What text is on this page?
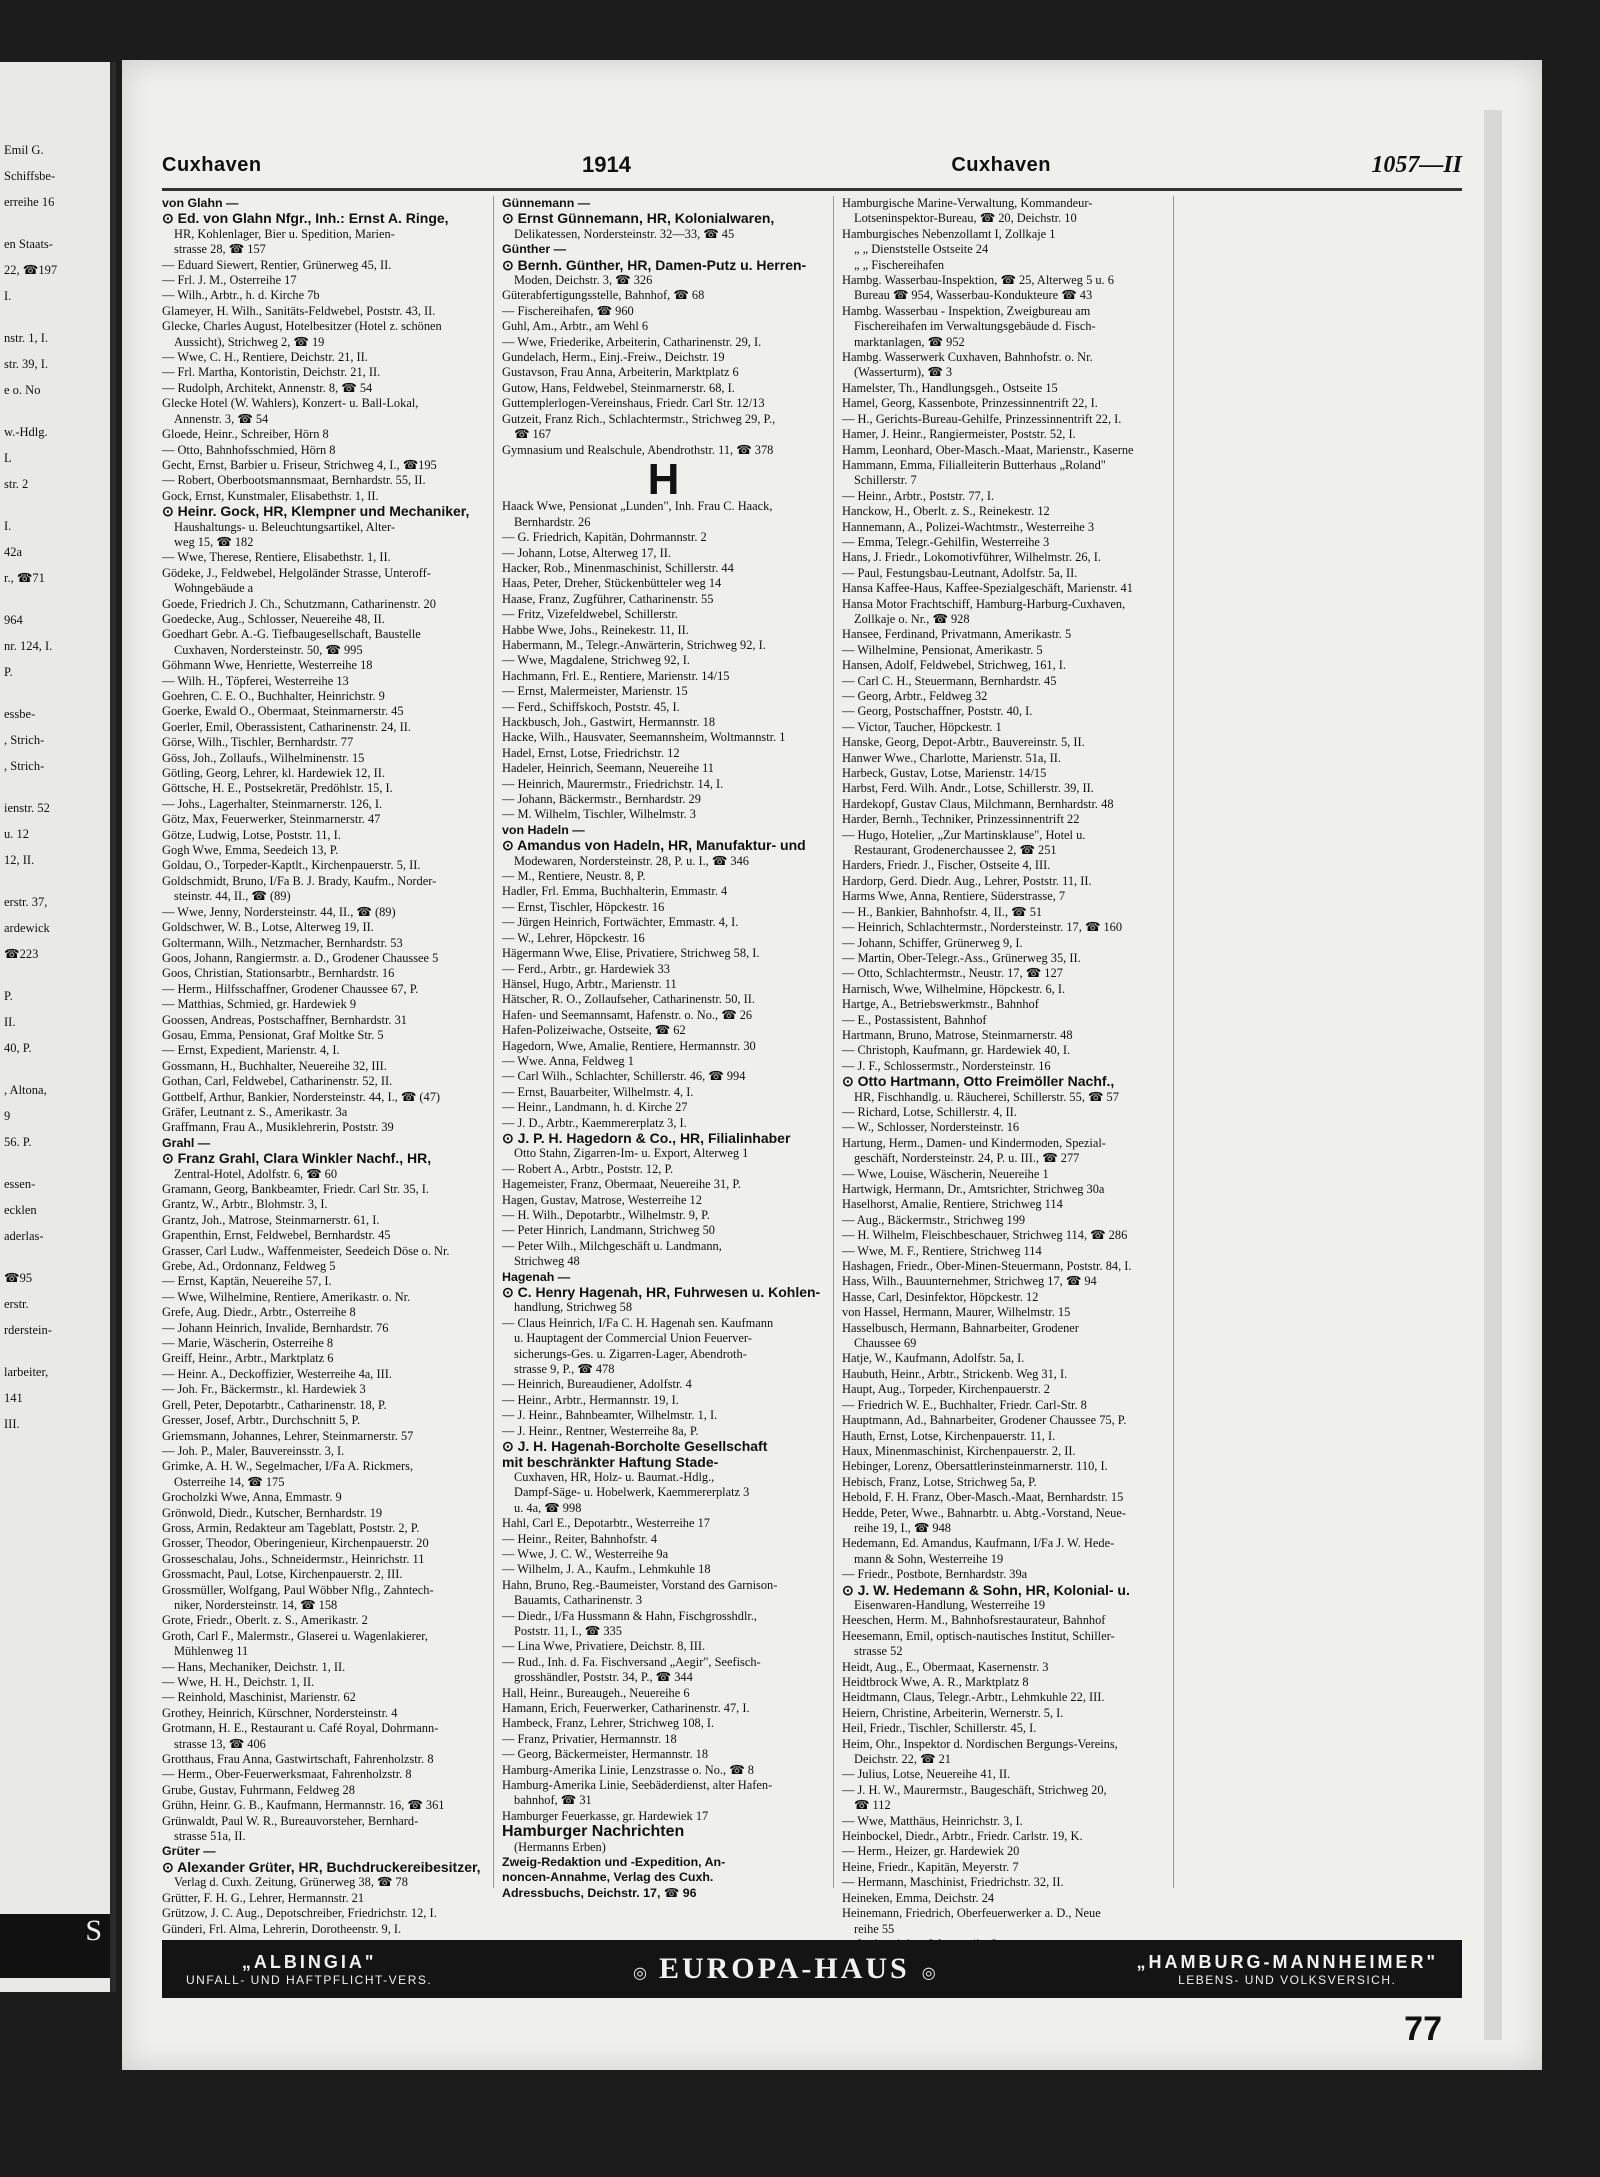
Emil G.
Schiffsbe-
erreihe 16
en Staats-
22, ☎197
I.
nstr. 1, I.
str. 39, I.
e o. No
w.-Hdlg.
L
str. 2
I.
42a
r., ☎71
964
nr. 124, I.
P.
essbe-
, Strich-
, Strich-
ienstr. 52
u. 12
12, II.
erstr. 37,
ardewick
☎223
P.
II.
40, P.
, Altona,
9
56. P.
essen-
ecklen
aderlas-
☎95
erstr.
rderstein-
larbeiter,
141
III.
S
Cuxhaven	1914	Cuxhaven	1057—II
von Glahn —
⊙ Ed. von Glahn Nfgr., Inh.: Ernst A. Ringe,
HR, Kohlenlager, Bier u. Spedition, Marien-
strasse 28, ☎ 157
— Eduard Siewert, Rentier, Grünerweg 45, II.
— Frl. J. M., Osterreihe 17
— Wilh., Arbtr., h. d. Kirche 7b
Glameyer, H. Wilh., Sanitäts-Feldwebel, Poststr. 43, II.
Glecke, Charles August, Hotelbesitzer (Hotel z. schönen
Aussicht), Strichweg 2, ☎ 19
— Wwe, C. H., Rentiere, Deichstr. 21, II.
— Frl. Martha, Kontoristin, Deichstr. 21, II.
— Rudolph, Architekt, Annenstr. 8, ☎ 54
Glecke Hotel (W. Wahlers), Konzert- u. Ball-Lokal,
Annenstr. 3, ☎ 54
Gloede, Heinr., Schreiber, Hörn 8
— Otto, Bahnhofsschmied, Hörn 8
Gecht, Ernst, Barbier u. Friseur, Strichweg 4, I., ☎195
— Robert, Oberbootsmannsmaat, Bernhardstr. 55, II.
Gock, Ernst, Kunstmaler, Elisabethstr. 1, II.
⊙ Heinr. Gock, HR, Klempner und Mechaniker,
Haushaltungs- u. Beleuchtungsartikel, Alter-
weg 15, ☎ 182
— Wwe, Therese, Rentiere, Elisabethstr. 1, II.
Gödeke, J., Feldwebel, Helgoländer Strasse, Unteroff-
Wohngebäude a
Goede, Friedrich J. Ch., Schutzmann, Catharinenstr. 20
Goedecke, Aug., Schlosser, Neuereihe 48, II.
Goedhart Gebr. A.-G. Tiefbaugesellschaft, Baustelle
Cuxhaven, Nordersteinstr. 50, ☎ 995
Göhmann Wwe, Henriette, Westerreihe 18
— Wilh. H., Töpferei, Westerreihe 13
Goehren, C. E. O., Buchhalter, Heinrichstr. 9
Goerke, Ewald O., Obermaat, Steinmarnerstr. 45
Goerler, Emil, Oberassistent, Catharinenstr. 24, II.
Görse, Wilh., Tischler, Bernhardstr. 77
Göss, Joh., Zollaufs., Wilhelminenstr. 15
Götling, Georg, Lehrer, kl. Hardewiek 12, II.
Göttsche, H. E., Postsekretär, Predöhlstr. 15, I.
— Johs., Lagerhalter, Steinmarnerstr. 126, I.
Götz, Max, Feuerwerker, Steinmarnerstr. 47
Götze, Ludwig, Lotse, Poststr. 11, I.
Gogh Wwe, Emma, Seedeich 13, P.
Goldau, O., Torpeder-Kaptlt., Kirchenpauerstr. 5, II.
Goldschmidt, Bruno, I/Fa B. J. Brady, Kaufm., Norder-
steinstr. 44, II., ☎ (89)
— Wwe, Jenny, Nordersteinstr. 44, II., ☎ (89)
Goldschwer, W. B., Lotse, Alterweg 19, II.
Goltermann, Wilh., Netzmacher, Bernhardstr. 53
Goos, Johann, Rangiermstr. a. D., Grodener Chaussee 5
Goos, Christian, Stationsarbtr., Bernhardstr. 16
— Herm., Hilfsschaffner, Grodener Chaussee 67, P.
— Matthias, Schmied, gr. Hardewiek 9
Goossen, Andreas, Postschaffner, Bernhardstr. 31
Gosau, Emma, Pensionat, Graf Moltke Str. 5
— Ernst, Expedient, Marienstr. 4, I.
Gossmann, H., Buchhalter, Neuereihe 32, III.
Gothan, Carl, Feldwebel, Catharinenstr. 52, II.
Gottbelf, Arthur, Bankier, Nordersteinstr. 44, I., ☎ (47)
Gräfer, Leutnant z. S., Amerikastr. 3a
Graffmann, Frau A., Musiklehrerin, Poststr. 39
Grahl —
⊙ Franz Grahl, Clara Winkler Nachf., HR,
Zentral-Hotel, Adolfstr. 6, ☎ 60
Gramann, Georg, Bankbeamter, Friedr. Carl Str. 35, I.
Grantz, W., Arbtr., Blohmstr. 3, I.
Grantz, Joh., Matrose, Steinmarnerstr. 61, I.
Grapenthin, Ernst, Feldwebel, Bernhardstr. 45
Grasser, Carl Ludw., Waffenmeister, Seedeich Döse o. Nr.
Grebe, Ad., Ordonnanz, Feldweg 5
— Ernst, Kaptän, Neuereihe 57, I.
— Wwe, Wilhelmine, Rentiere, Amerikastr. o. Nr.
Grefe, Aug. Diedr., Arbtr., Osterreihe 8
— Johann Heinrich, Invalide, Bernhardstr. 76
— Marie, Wäscherin, Osterreihe 8
Greiff, Heinr., Arbtr., Marktplatz 6
— Heinr. A., Deckoffizier, Westerreihe 4a, III.
— Joh. Fr., Bäckermstr., kl. Hardewiek 3
Grell, Peter, Depotarbtr., Catharinenstr. 18, P.
Gresser, Josef, Arbtr., Durchschnitt 5, P.
Griemsmann, Johannes, Lehrer, Steinmarnerstr. 57
— Joh. P., Maler, Bauvereinsstr. 3, I.
Grimke, A. H. W., Segelmacher, I/Fa A. Rickmers,
Osterreihe 14, ☎ 175
Grocholzki Wwe, Anna, Emmastr. 9
Grönwold, Diedr., Kutscher, Bernhardstr. 19
Gross, Armin, Redakteur am Tageblatt, Poststr. 2, P.
Grosser, Theodor, Oberingenieur, Kirchenpauerstr. 20
Grosseschalau, Johs., Schneidermstr., Heinrichstr. 11
Grossmacht, Paul, Lotse, Kirchenpauerstr. 2, III.
Grossmüller, Wolfgang, Paul Wöbber Nflg., Zahntech-
niker, Nordersteinstr. 14, ☎ 158
Grote, Friedr., Oberlt. z. S., Amerikastr. 2
Groth, Carl F., Malermstr., Glaserei u. Wagenlakierer,
Mühlenweg 11
— Hans, Mechaniker, Deichstr. 1, II.
— Wwe, H. H., Deichstr. 1, II.
— Reinhold, Maschinist, Marienstr. 62
Grothey, Heinrich, Kürschner, Nordersteinstr. 4
Grotmann, H. E., Restaurant u. Café Royal, Dohrmann-
strasse 13, ☎ 406
Grotthaus, Frau Anna, Gastwirtschaft, Fahrenholzstr. 8
— Herm., Ober-Feuerwerksmaat, Fahrenholzstr. 8
Grube, Gustav, Fuhrmann, Feldweg 28
Grühn, Heinr. G. B., Kaufmann, Hermannstr. 16, ☎ 361
Grünwaldt, Paul W. R., Bureauvorsteher, Bernhard-
strasse 51a, II.
Grüter —
⊙ Alexander Grüter, HR, Buchdruckereibesitzer,
Verlag d. Cuxh. Zeitung, Grünerweg 38, ☎ 78
Grütter, F. H. G., Lehrer, Hermannstr. 21
Grützow, J. C. Aug., Depotschreiber, Friedrichstr. 12, I.
Günderi, Frl. Alma, Lehrerin, Dorotheenstr. 9, I.
Günnemann —
⊙ Ernst Günnemann, HR, Kolonialwaren,
Delikatessen, Nordersteinstr. 32—33, ☎ 45
Günther —
⊙ Bernh. Günther, HR, Damen-Putz u. Herren-
Moden, Deichstr. 3, ☎ 326
Güterabfertigungsstelle, Bahnhof, ☎ 68
— Fischereihafen, ☎ 960
Guhl, Am., Arbtr., am Wehl 6
— Wwe, Friederike, Arbeiterin, Catharinenstr. 29, I.
Gundelach, Herm., Einj.-Freiw., Deichstr. 19
Gustavson, Frau Anna, Arbeiterin, Marktplatz 6
Gutow, Hans, Feldwebel, Steinmarnerstr. 68, I.
Guttemplerlogen-Vereinshaus, Friedr. Carl Str. 12/13
Gutzeit, Franz Rich., Schlachtermstr., Strichweg 29, P.,
☎ 167
Gymnasium und Realschule, Abendrothstr. 11, ☎ 378
H
Haack Wwe, Pensionat „Lunden", Inh. Frau C. Haack,
Bernhardstr. 26
— G. Friedrich, Kapitän, Dohrmannstr. 2
— Johann, Lotse, Alterweg 17, II.
Hacker, Rob., Minenmaschinist, Schillerstr. 44
Haas, Peter, Dreher, Stückenbütteler weg 14
Haase, Franz, Zugführer, Catharinenstr. 55
— Fritz, Vizefeldwebel, Schillerstr.
Habbe Wwe, Johs., Reinekestr. 11, II.
Habermann, M., Telegr.-Anwärterin, Strichweg 92, I.
— Wwe, Magdalene, Strichweg 92, I.
Hachmann, Frl. E., Rentiere, Marienstr. 14/15
— Ernst, Malermeister, Marienstr. 15
— Ferd., Schiffskoch, Poststr. 45, I.
Hackbusch, Joh., Gastwirt, Hermannstr. 18
Hacke, Wilh., Hausvater, Seemannsheim, Woltmannstr. 1
Hadel, Ernst, Lotse, Friedrichstr. 12
Hadeler, Heinrich, Seemann, Neuereihe 11
— Heinrich, Maurermstr., Friedrichstr. 14, I.
— Johann, Bäckermstr., Bernhardstr. 29
— M. Wilhelm, Tischler, Wilhelmstr. 3
von Hadeln —
⊙ Amandus von Hadeln, HR, Manufaktur- und
Modewaren, Nordersteinstr. 28, P. u. I., ☎ 346
— M., Rentiere, Neustr. 8, P.
Hadler, Frl. Emma, Buchhalterin, Emmastr. 4
— Ernst, Tischler, Höpckestr. 16
— Jürgen Heinrich, Fortwächter, Emmastr. 4, I.
— W., Lehrer, Höpckestr. 16
Hägermann Wwe, Elise, Privatiere, Strichweg 58, I.
— Ferd., Arbtr., gr. Hardewiek 33
Hänsel, Hugo, Arbtr., Marienstr. 11
Hätscher, R. O., Zollaufseher, Catharinenstr. 50, II.
Hafen- und Seemannsamt, Hafenstr. o. No., ☎ 26
Hafen-Polizeiwache, Ostseite, ☎ 62
Hagedorn, Wwe, Amalie, Rentiere, Hermannstr. 30
— Wwe. Anna, Feldweg 1
— Carl Wilh., Schlachter, Schillerstr. 46, ☎ 994
— Ernst, Bauarbeiter, Wilhelmstr. 4, I.
— Heinr., Landmann, h. d. Kirche 27
— J. D., Arbtr., Kaemmererplatz 3, I.
⊙ J. P. H. Hagedorn & Co., HR, Filialinhaber
Otto Stahn, Zigarren-Im- u. Export, Alterweg 1
— Robert A., Arbtr., Poststr. 12, P.
Hagemeister, Franz, Obermaat, Neuereihe 31, P.
Hagen, Gustav, Matrose, Westerreihe 12
— H. Wilh., Depotarbtr., Wilhelmstr. 9, P.
— Peter Hinrich, Landmann, Strichweg 50
— Peter Wilh., Milchgeschäft u. Landmann,
Strichweg 48
Hagenah —
⊙ C. Henry Hagenah, HR, Fuhrwesen u. Kohlen-
handlung, Strichweg 58
— Claus Heinrich, I/Fa C. H. Hagenah sen. Kaufmann
u. Hauptagent der Commercial Union Feuerver-
sicherungs-Ges. u. Zigarren-Lager, Abendroth-
strasse 9, P., ☎ 478
— Heinrich, Bureaudiener, Adolfstr. 4
— Heinr., Arbtr., Hermannstr. 19, I.
— J. Heinr., Bahnbeamter, Wilhelmstr. 1, I.
— J. Heinr., Rentner, Westerreihe 8a, P.
⊙ J. H. Hagenah-Borcholte Gesellschaft
mit beschränkter Haftung Stade-
Cuxhaven, HR, Holz- u. Baumat.-Hdlg.,
Dampf-Säge- u. Hobelwerk, Kaemmererplatz 3
u. 4a, ☎ 998
Hahl, Carl E., Depotarbtr., Westerreihe 17
— Heinr., Reiter, Bahnhofstr. 4
— Wwe, J. C. W., Westerreihe 9a
— Wilhelm, J. A., Kaufm., Lehmkuhle 18
Hahn, Bruno, Reg.-Baumeister, Vorstand des Garnison-
Bauamts, Catharinenstr. 3
— Diedr., I/Fa Hussmann & Hahn, Fischgrosshdlr.,
Poststr. 11, I., ☎ 335
— Lina Wwe, Privatiere, Deichstr. 8, III.
— Rud., Inh. d. Fa. Fischversand „Aegir", Seefisch-
grosshändler, Poststr. 34, P., ☎ 344
Hall, Heinr., Bureaugeh., Neuereihe 6
Hamann, Erich, Feuerwerker, Catharinenstr. 47, I.
Hambeck, Franz, Lehrer, Strichweg 108, I.
— Franz, Privatier, Hermannstr. 18
— Georg, Bäckermeister, Hermannstr. 18
Hamburg-Amerika Linie, Lenzstrasse o. No., ☎ 8
Hamburg-Amerika Linie, Seebäderdienst, alter Hafen-
bahnhof, ☎ 31
Hamburger Feuerkasse, gr. Hardewiek 17
Hamburger Nachrichten
(Hermanns Erben)
Zweig-Redaktion und -Expedition, An-
noncen-Annahme, Verlag des Cuxh.
Adressbuchs, Deichstr. 17, ☎ 96
Hamburgische Marine-Verwaltung, Kommandeur-
Lotseninspektor-Bureau, ☎ 20, Deichstr. 10
Hamburgisches Nebenzollamt I, Zollkaje 1
„ „ Dienststelle Ostseite 24
„ „ Fischereihafen
Hambg. Wasserbau-Inspektion, ☎ 25, Alterweg 5 u. 6
Bureau ☎ 954, Wasserbau-Kondukteure ☎ 43
Hambg. Wasserbau - Inspektion, Zweigbureau am
Fischereihafen im Verwaltungsgebäude d. Fisch-
marktanlagen, ☎ 952
Hambg. Wasserwerk Cuxhaven, Bahnhofstr. o. Nr.
(Wasserturm), ☎ 3
Hamelster, Th., Handlungsgeh., Ostseite 15
Hamel, Georg, Kassenbote, Prinzessinnentrift 22, I.
— H., Gerichts-Bureau-Gehilfe, Prinzessinnentrift 22, I.
Hamer, J. Heinr., Rangiermeister, Poststr. 52, I.
Hamm, Leonhard, Ober-Masch.-Maat, Marienstr., Kaserne
Hammann, Emma, Filialleiterin Butterhaus „Roland"
Schillerstr. 7
— Heinr., Arbtr., Poststr. 77, I.
Hanckow, H., Oberlt. z. S., Reinekestr. 12
Hannemann, A., Polizei-Wachtmstr., Westerreihe 3
— Emma, Telegr.-Gehilfin, Westerreihe 3
Hans, J. Friedr., Lokomotivführer, Wilhelmstr. 26, I.
— Paul, Festungsbau-Leutnant, Adolfstr. 5a, II.
Hansa Kaffee-Haus, Kaffee-Spezialgeschäft, Marienstr. 41
Hansa Motor Frachtschiff, Hamburg-Harburg-Cuxhaven,
Zollkaje o. Nr., ☎ 928
Hansee, Ferdinand, Privatmann, Amerikastr. 5
— Wilhelmine, Pensionat, Amerikastr. 5
Hansen, Adolf, Feldwebel, Strichweg, 161, I.
— Carl C. H., Steuermann, Bernhardstr. 45
— Georg, Arbtr., Feldweg 32
— Georg, Postschaffner, Poststr. 40, I.
— Victor, Taucher, Höpckestr. 1
Hanske, Georg, Depot-Arbtr., Bauvereinstr. 5, II.
Hanwer Wwe., Charlotte, Marienstr. 51a, II.
Harbeck, Gustav, Lotse, Marienstr. 14/15
Harbst, Ferd. Wilh. Andr., Lotse, Schillerstr. 39, II.
Hardekopf, Gustav Claus, Milchmann, Bernhardstr. 48
Harder, Bernh., Techniker, Prinzessinnentrift 22
— Hugo, Hotelier, „Zur Martinsklause", Hotel u.
Restaurant, Grodenerchaussee 2, ☎ 251
Harders, Friedr. J., Fischer, Ostseite 4, III.
Hardorp, Gerd. Diedr. Aug., Lehrer, Poststr. 11, II.
Harms Wwe, Anna, Rentiere, Süderstrasse, 7
— H., Bankier, Bahnhofstr. 4, II., ☎ 51
— Heinrich, Schlachtermstr., Nordersteinstr. 17, ☎ 160
— Johann, Schiffer, Grünerweg 9, I.
— Martin, Ober-Telegr.-Ass., Grünerweg 35, II.
— Otto, Schlachtermstr., Neustr. 17, ☎ 127
Harnisch, Wwe, Wilhelmine, Höpckestr. 6, I.
Hartge, A., Betriebswerkmstr., Bahnhof
— E., Postassistent, Bahnhof
Hartmann, Bruno, Matrose, Steinmarnerstr. 48
— Christoph, Kaufmann, gr. Hardewiek 40, I.
— J. F., Schlossermstr., Nordersteinstr. 16
⊙ Otto Hartmann, Otto Freimöller Nachf.,
HR, Fischhandlg. u. Räucherei, Schillerstr. 55, ☎ 57
— Richard, Lotse, Schillerstr. 4, II.
— W., Schlosser, Nordersteinstr. 16
Hartung, Herm., Damen- und Kindermoden, Spezial-
geschäft, Nordersteinstr. 24, P. u. III., ☎ 277
— Wwe, Louise, Wäscherin, Neuereihe 1
Hartwigk, Hermann, Dr., Amtsrichter, Strichweg 30a
Haselhorst, Amalie, Rentiere, Strichweg 114
— Aug., Bäckermstr., Strichweg 199
— H. Wilhelm, Fleischbeschauer, Strichweg 114, ☎ 286
— Wwe, M. F., Rentiere, Strichweg 114
Hashagen, Friedr., Ober-Minen-Steuermann, Poststr. 84, I.
Hass, Wilh., Bauunternehmer, Strichweg 17, ☎ 94
Hasse, Carl, Desinfektor, Höpckestr. 12
von Hassel, Hermann, Maurer, Wilhelmstr. 15
Hasselbusch, Hermann, Bahnarbeiter, Grodener
Chaussee 69
Hatje, W., Kaufmann, Adolfstr. 5a, I.
Haubuth, Heinr., Arbtr., Strickenb. Weg 31, I.
Haupt, Aug., Torpeder, Kirchenpauerstr. 2
— Friedrich W. E., Buchhalter, Friedr. Carl-Str. 8
Hauptmann, Ad., Bahnarbeiter, Grodener Chaussee 75, P.
Hauth, Ernst, Lotse, Kirchenpauerstr. 11, I.
Haux, Minenmaschinist, Kirchenpauerstr. 2, II.
Hebinger, Lorenz, Obersattlerinsteinmarnerstr. 110, I.
Hebisch, Franz, Lotse, Strichweg 5a, P.
Hebold, F. H. Franz, Ober-Masch.-Maat, Bernhardstr. 15
Hedde, Peter, Wwe., Bahnarbtr. u. Abtg.-Vorstand, Neue-
reihe 19, I., ☎ 948
Hedemann, Ed. Amandus, Kaufmann, I/Fa J. W. Hede-
mann & Sohn, Westerreihe 19
— Friedr., Postbote, Bernhardstr. 39a
⊙ J. W. Hedemann & Sohn, HR, Kolonial- u.
Eisenwaren-Handlung, Westerreihe 19
Heeschen, Herm. M., Bahnhofsrestaurateur, Bahnhof
Heesemann, Emil, optisch-nautisches Institut, Schiller-
strasse 52
Heidt, Aug., E., Obermaat, Kasernenstr. 3
Heidtbrock Wwe, A. R., Marktplatz 8
Heidtmann, Claus, Telegr.-Arbtr., Lehmkuhle 22, III.
Heiern, Christine, Arbeiterin, Wernerstr. 5, I.
Heil, Friedr., Tischler, Schillerstr. 45, I.
Heim, Ohr., Inspektor d. Nordischen Bergungs-Vereins,
Deichstr. 22, ☎ 21
— Julius, Lotse, Neuereihe 41, II.
— J. H. W., Maurermstr., Baugeschäft, Strichweg 20,
☎ 112
— Wwe, Matthäus, Heinrichstr. 3, I.
Heinbockel, Diedr., Arbtr., Friedr. Carlstr. 19, K.
— Herm., Heizer, gr. Hardewiek 20
Heine, Friedr., Kapitän, Meyerstr. 7
— Hermann, Maschinist, Friedrichstr. 32, II.
Heineken, Emma, Deichstr. 24
Heinemann, Friedrich, Oberfeuerwerker a. D., Neue
reihe 55
„ALBINGIA"
UNFALL- UND HAFTPFLICHT-VERS.	◎ EUROPA-HAUS ◎
„HAMBURG-MANNHEIMER"
LEBENS- UND VOLKSVERSICH.
77
